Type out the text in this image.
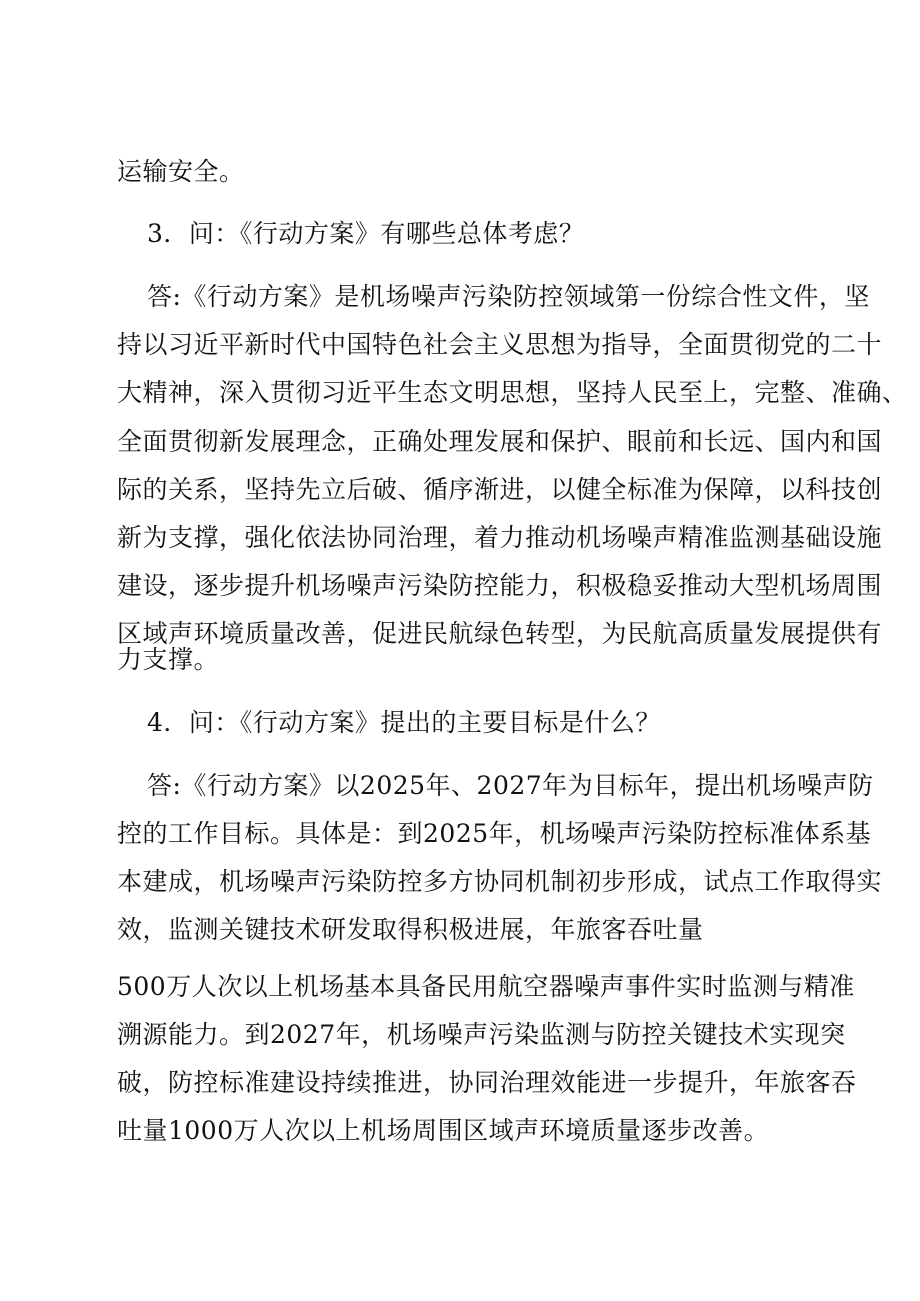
运输安全。
3．问：《行动方案》有哪些总体考虑？
答:《行动方案》是机场噪声污染防控领域第一份综合性文件，坚
持以习近平新时代中国特色社会主义思想为指导，全面贯彻党的二十
大精神，深入贯彻习近平生态文明思想，坚持人民至上，完整、准确、
全面贯彻新发展理念，正确处理发展和保护、眼前和长远、国内和国
际的关系，坚持先立后破、循序渐进，以健全标准为保障，以科技创
新为支撑，强化依法协同治理，着力推动机场噪声精准监测基础设施
建设，逐步提升机场噪声污染防控能力，积极稳妥推动大型机场周围
区域声环境质量改善，促进民航绿色转型，为民航高质量发展提供有
力支撑。
4．问：《行动方案》提出的主要目标是什么？
答:《行动方案》以2025年、2027年为目标年，提出机场噪声防
控的工作目标。具体是：到2025年，机场噪声污染防控标准体系基
本建成，机场噪声污染防控多方协同机制初步形成，试点工作取得实
效，监测关键技术研发取得积极进展，年旅客吞吐量
500万人次以上机场基本具备民用航空器噪声事件实时监测与精准
溯源能力。到2027年，机场噪声污染监测与防控关键技术实现突
破，防控标准建设持续推进，协同治理效能进一步提升，年旅客吞
吐量1000万人次以上机场周围区域声环境质量逐步改善。
